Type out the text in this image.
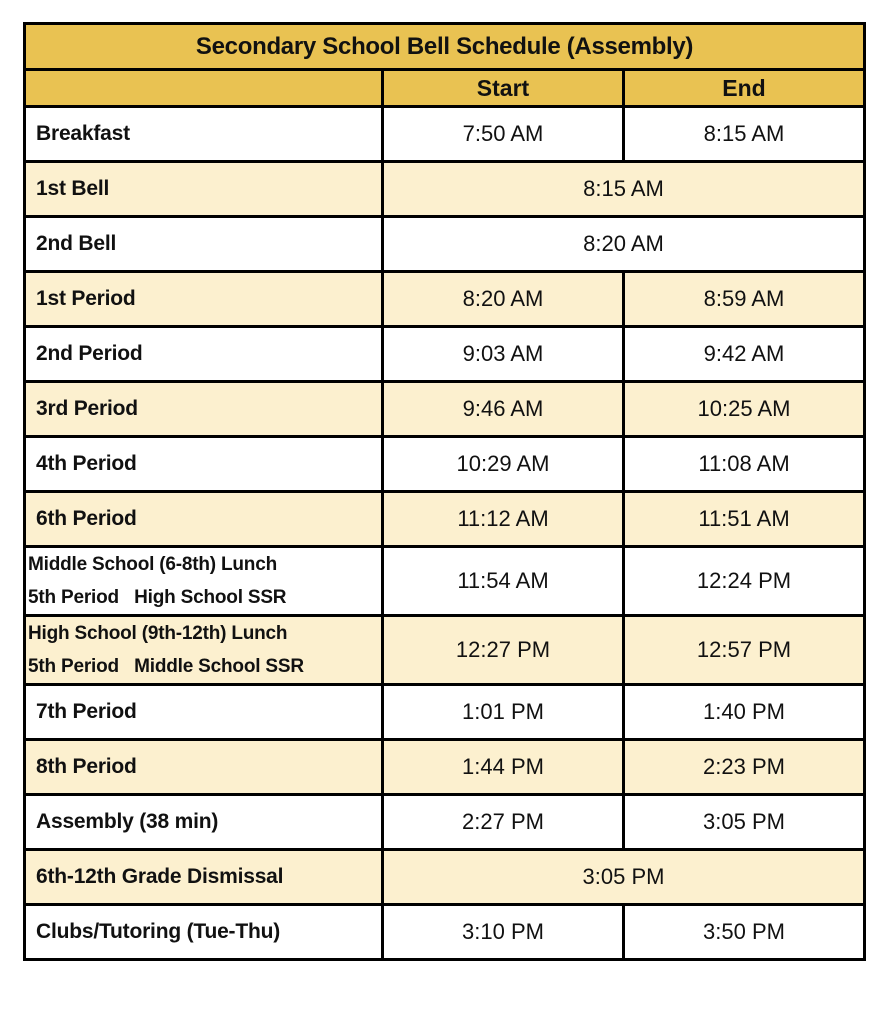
Secondary School Bell Schedule (Assembly)		
	Start	End
Breakfast	7:50 AM	8:15 AM
1st Bell	8:15 AM	
2nd Bell	8:20 AM	
1st Period	8:20 AM	8:59 AM
2nd Period	9:03 AM	9:42 AM
3rd Period	9:46 AM	10:25 AM
4th Period	10:29 AM	11:08 AM
6th Period	11:12 AM	11:51 AM

Middle School (6-8th) Lunch
5th Period   High School SSR	11:54 AM	12:24 PM

High School (9th-12th) Lunch
5th Period   Middle School SSR	12:27 PM	12:57 PM
7th Period	1:01 PM	1:40 PM
8th Period	1:44 PM	2:23 PM
Assembly (38 min)	2:27 PM	3:05 PM
6th-12th Grade Dismissal	3:05 PM	
Clubs/Tutoring (Tue-Thu)	3:10 PM	3:50 PM
